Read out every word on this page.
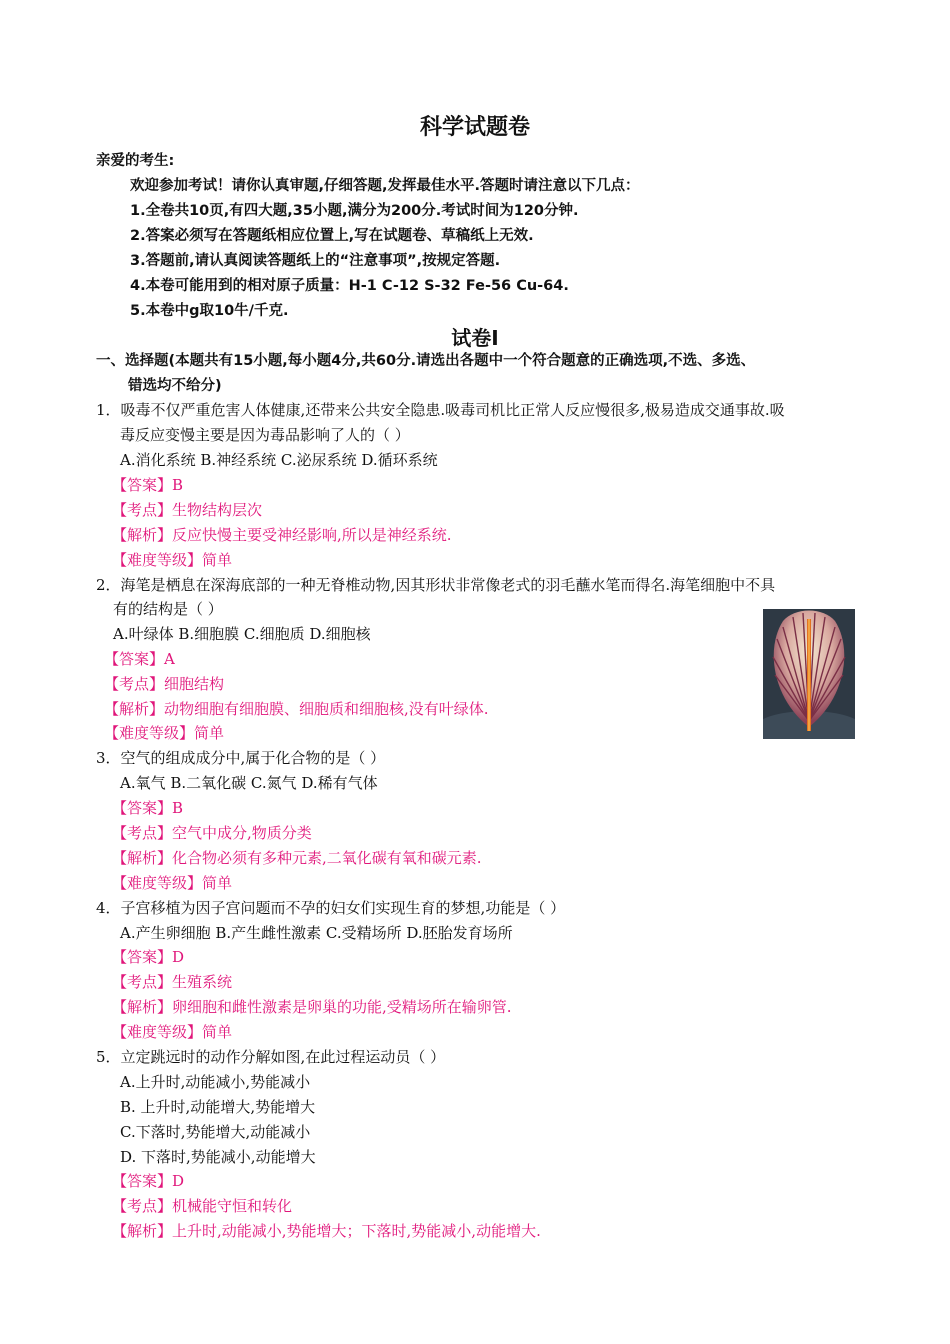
科学试题卷
亲爱的考生:
欢迎参加考试！请你认真审题,仔细答题,发挥最佳水平.答题时请注意以下几点：
1.全卷共10页,有四大题,35小题,满分为200分.考试时间为120分钟.
2.答案必须写在答题纸相应位置上,写在试题卷、草稿纸上无效.
3.答题前,请认真阅读答题纸上的“注意事项”,按规定答题.
4.本卷可能用到的相对原子质量：H-1 C-12 S-32 Fe-56 Cu-64.
5.本卷中g取10牛/千克.
试卷Ⅰ
一、选择题(本题共有15小题,每小题4分,共60分.请选出各题中一个符合题意的正确选项,不选、多选、
错选均不给分)
1．吸毒不仅严重危害人体健康,还带来公共安全隐患.吸毒司机比正常人反应慢很多,极易造成交通事故.吸
毒反应变慢主要是因为毒品影响了人的（ ）
A.消化系统 B.神经系统 C.泌尿系统 D.循环系统
【答案】B
【考点】生物结构层次
【解析】反应快慢主要受神经影响,所以是神经系统.
【难度等级】简单
2．海笔是栖息在深海底部的一种无脊椎动物,因其形状非常像老式的羽毛蘸水笔而得名.海笔细胞中不具
有的结构是（ ）
A.叶绿体 B.细胞膜 C.细胞质 D.细胞核
【答案】A
【考点】细胞结构
【解析】动物细胞有细胞膜、细胞质和细胞核,没有叶绿体.
【难度等级】简单
3．空气的组成成分中,属于化合物的是（ ）
A.氧气 B.二氧化碳 C.氮气 D.稀有气体
【答案】B
【考点】空气中成分,物质分类
【解析】化合物必须有多种元素,二氧化碳有氧和碳元素.
【难度等级】简单
4．子宫移植为因子宫问题而不孕的妇女们实现生育的梦想,功能是（ ）
A.产生卵细胞 B.产生雌性激素 C.受精场所 D.胚胎发育场所
【答案】D
【考点】生殖系统
【解析】卵细胞和雌性激素是卵巢的功能,受精场所在输卵管.
【难度等级】简单
5．立定跳远时的动作分解如图,在此过程运动员（ ）
A.上升时,动能减小,势能减小
B. 上升时,动能增大,势能增大
C.下落时,势能增大,动能减小
D. 下落时,势能减小,动能增大
【答案】D
【考点】机械能守恒和转化
【解析】上升时,动能减小,势能增大；下落时,势能减小,动能增大.
